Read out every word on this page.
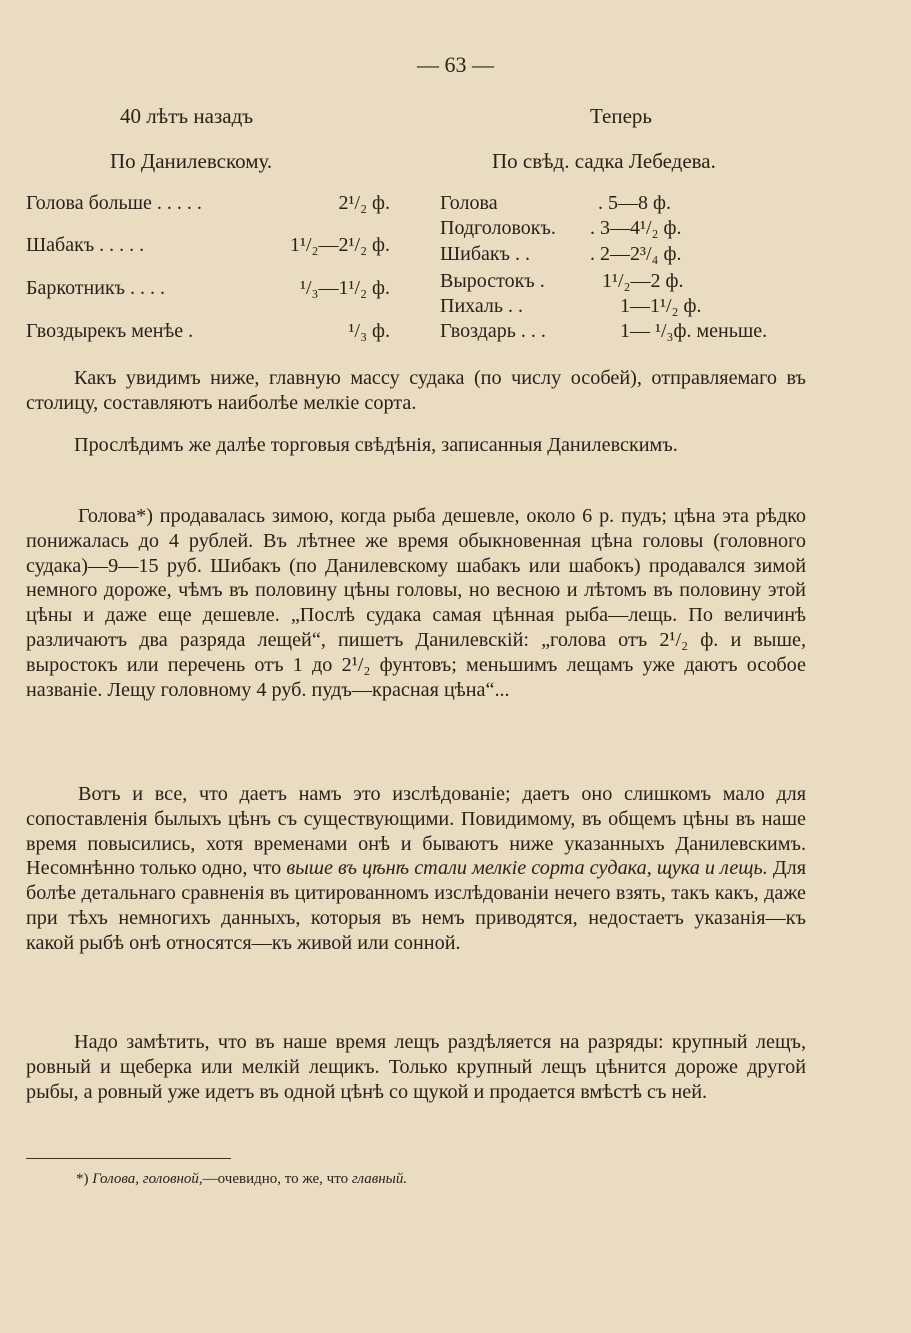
— 63 —
40 лѣтъ назадъ
По Данилевскому.
Голова больше . . . . .	2¹/₂ ф.
Шабакъ . . . . .	1¹/₂—2¹/₂ ф.
Баркотникъ . . . .	¹/₃—1¹/₂ ф.
Гвоздырекъ менѣе .	¹/₃ ф.
Теперь
По свѣд. садка Лебедева.
Голова	. 5—8 ф.
Подголовокъ. . 3—4¹/₂ ф.
Шибакъ . .	. 2—2³/₄ ф.
Выростокъ .	1¹/₂—2 ф.
Пихаль . .	1—1¹/₂ ф.
Гвоздарь . . .	1— ¹/₃ф. меньше.

Какъ увидимъ ниже, главную массу судака (по числу особей), отправляемаго въ столицу, составляютъ наиболѣе мелкіе сорта.

Прослѣдимъ же далѣе торговыя свѣдѣнія, записанныя Данилевскимъ.

Голова*) продавалась зимою, когда рыба дешевле, около 6 р. пудъ; цѣна эта рѣдко понижалась до 4 рублей. Въ лѣтнее же время обыкновенная цѣна головы (головного судака)—9—15 руб. Шибакъ (по Данилевскому шабакъ или шабокъ) продавался зимой немного дороже, чѣмъ въ половину цѣны головы, но весною и лѣтомъ въ половину этой цѣны и даже еще дешевле. „Послѣ судака самая цѣнная рыба—лещь. По величинѣ различаютъ два разряда лещей“, пишетъ Данилевскій: „голова отъ 2¹/₂ ф. и выше, выростокъ или перечень отъ 1 до 2¹/₂ фунтовъ; меньшимъ лещамъ уже даютъ особое названіе. Лещу головному 4 руб. пудъ—красная цѣна“...

Вотъ и все, что даетъ намъ это изслѣдованіе; даетъ оно слишкомъ мало для сопоставленія былыхъ цѣнъ съ существующими. Повидимому, въ общемъ цѣны въ наше время повысились, хотя временами онѣ и бываютъ ниже указанныхъ Данилевскимъ. Несомнѣнно только одно, что выше въ цѣнѣ стали мелкіе сорта судака, щука и лещь. Для болѣе детальнаго сравненія въ цитированномъ изслѣдованіи нечего взять, такъ какъ, даже при тѣхъ немногихъ данныхъ, которыя въ немъ приводятся, недостаетъ указанія—къ какой рыбѣ онѣ относятся—къ живой или сонной.

Надо замѣтить, что въ наше время лещъ раздѣляется на разряды: крупный лещъ, ровный и щеберка или мелкій лещикъ. Только крупный лещъ цѣнится дороже другой рыбы, а ровный уже идетъ въ одной цѣнѣ со щукой и продается вмѣстѣ съ ней.

*) Голова, головной,—очевидно, то же, что главный.
